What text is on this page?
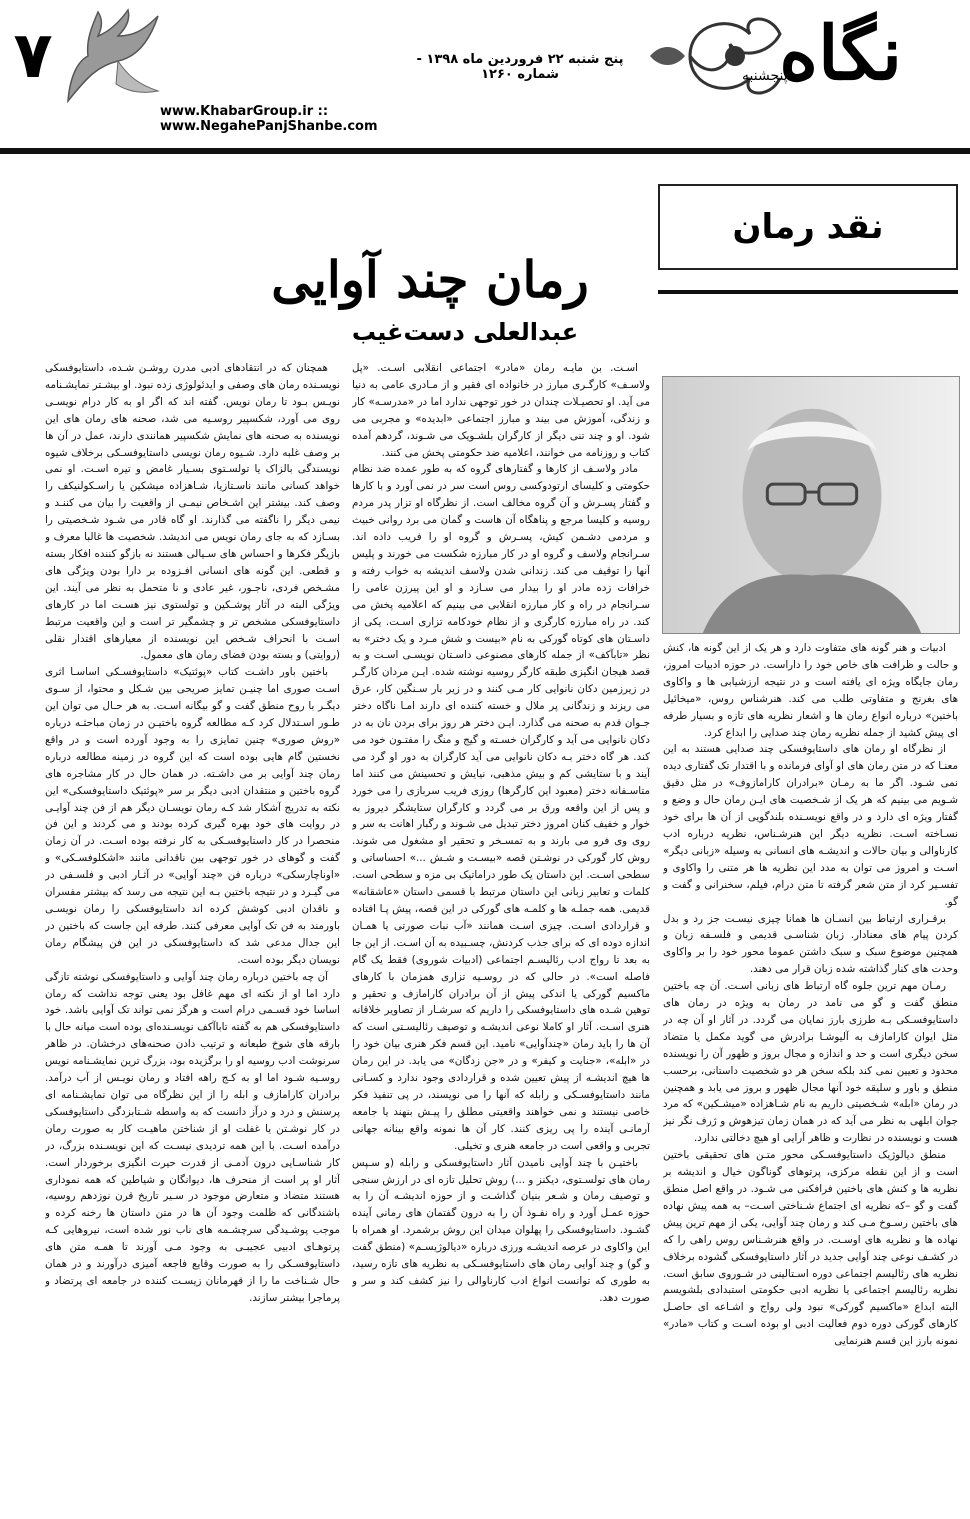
۷	پنج شنبه ۲۲ فروردین ماه ۱۳۹۸ - شماره ۱۲۶۰	نگاه
پنجشنبه
www.KhabarGroup.ir :: www.NegahePanjShanbe.com
نقد رمان
رمان چند آوایی
عبدالعلی دست‌غیب

ادبیات و هنر گونه های متفاوت دارد و هر یک از این گونه ها، کنش و حالت و ظرافت های خاص خود را داراست. در حوزه ادبیات امروز، رمان جایگاه ویژه ای یافته است و در نتیجه ارزشیابی ها و واکاوی های بغرنج و متفاوتی طلب می کند. هنرشناس روس، «میخائیل باختین» درباره انواع رمان ها و اشعار نظریه های تازه و بسیار طرفه ای پیش کشید از جمله نظریه رمان چند صدایی را ابداع کرد.

از نظرگاه او رمان های داستایوفسکی چند صدایی هستند به این معنـا که در متن رمان های او آوای فرمانده و با اقتدار تک گفتاری دیده نمی شـود. اگر ما به رمـان «برادران کارامازوف» در مثل دقیق شـویم می بینیم که هر یک از شـخصیت های ایـن رمان حال و وضع و گفتار ویژه ای دارد و در واقع نویسـنده بلندگویی از آن ها برای خود نسـاخته اسـت. نظریه دیگر این هنرشـناس، نظریه درباره ادب کارناوالی و بیان حالات و اندیشـه های انسانی به وسیله «زبانی دیگر» اسـت و امروز می توان به مدد این نظریه ها هر متنی را واکاوی و تفسـیر کرد از متن شعر گرفته تا متن درام، فیلم، سخنرانی و گفت و گو.

برقـراری ارتباط بین انسـان ها همانا چیزی نیسـت جز رد و بدل کردن پیام های معنادار. زبان شناسـی قدیمی و فلسـفه زبان و همچنین موضوع سبک و سبک داشتن عموما محور خود را بر واکاوی وحدت های کنار گذاشته شده زبان قرار می دهند.

رمـان مهم ترین جلوه گاه ارتباط های زبانی اسـت. آن چه باختین منطق گفت و گو می نامد در رمان به ویژه در رمان های داستایوفسـکی بـه طرزی بارز نمایان می گردد. در آثار او آن چه در مثل ایوان کارامازف به آلیوشـا برادرش می گوید مکمل یا متضاد سخن دیگری است و حد و اندازه و مجال بروز و ظهور آن را نویسنده محدود و تعیین نمی کند بلکه سخن هر دو شخصیت داستانی، برحسب منطق و باور و سلیقه خود آنها مجال ظهور و بروز می یابد و همچنین در رمان «ابله» شـخصیتی داریم به نام شـاهزاده «میشـکین» که مرد جوان ابلهی به نظر می آید که در همان زمان تیزهوش و ژرف نگر نیز هست و نویسنده در نظارت و ظاهر آرایی او هیچ دخالتی ندارد.

منطق دیالوژیک داستایوفسـکی محور متـن های تحقیقی باختین است و از این نقطه مرکزی، پرتوهای گوناگون خیال و اندیشه بر نظریه ها و کنش های باختین فرافکنی می شـود. در واقع اصل منطق گفت و گو –که نظریه ای اجتماع شـناختی اسـت– به همه پیش نهاده های باختین رسـوخ مـی کند و رمان چند آوایی، یکی از مهم ترین پیش نهاده ها و نظریه های اوسـت. در واقع هنرشـناس روس راهی را که در کشـف نوعی چند آوایی جدید در آثار داستایوفسکی گشوده برخلاف نظریه های رئالیسم اجتماعی دوره اسـتالینی در شـوروی سابق است. نظریه رئالیسم اجتماعی یا نظریه ادبی حکومتی استبدادی بلشویسم البته ابداع «ماکسیم گورکی» نبود ولی رواج و اشـاعه ای حاصـل کارهای گورکی دوره دوم فعالیت ادبی او بوده اسـت و کتاب «مادر» نمونه بارز این قسم هنرنمایی

اسـت. بن مایـه رمان «مادر» اجتماعی انقلابی اسـت. «پل ولاسـف» کارگـری مبارز در خانواده ای فقیر و از مـادری عامی به دنیا می آید. او تحصیـلات چندان در خور توجهی ندارد اما در «مدرسـه» کار و زندگی، آموزش می بیند و مبارز اجتماعی «ابدیده» و مجربی می شود. او و چند تنی دیگر از کارگران بلشـویک می شـوند، گردهم آمده کتاب و روزنامه می خوانند، اعلامیه ضد حکومتی پخش می کنند.

مادر ولاسـف از کارها و گفتارهای گروه که به طور عمده ضد نظام حکومتی و کلیسای ارتودوکسی روس است سر در نمی آورد و با کارها و گفتار پسـرش و آن گروه مخالف است. از نظرگاه او تزار پدر مردم روسیه و کلیسا مرجع و پناهگاه آن هاست و گمان می برد روانی خبیث و مردمی دشـمن کیش، پسـرش و گروه او را فریب داده اند. سـرانجام ولاسف و گروه او در کار مبارزه شکست می خورند و پلیس آنها را توقیف می کند. زندانی شدن ولاسف اندیشه به خواب رفته و خرافات زده مادر او را بیدار می سـازد و او این پیرزن عامی را سـرانجام در راه و کار مبارزه انقلابی می بینیم که اعلامیه پخش می کند. در راه مبارزه کارگری و از نظام خودکامه تزاری اسـت. یکی از داسـتان های کوتاه گورکی به نام «بیست و شش مـرد و یک دختر» به نظر «تابآکف» از جمله کارهای مصنوعی داسـتان نویسـی اسـت و به قصد هیجان انگیزی طبقه کارگر روسیه نوشته شده. ایـن مردان کارگـر در زیرزمین دکان نانوایی کار مـی کنند و در زیر بار سـنگین کار، عرق می ریزند و زندگانی پر ملال و خسته کننده ای دارند امـا ناگاه دختر جـوان قدم به صحنه می گذارد. ایـن دختر هر روز برای بردن نان به در دکان نانوایی می آید و کارگران خسـته و گیج و منگ را مفتـون خود می کند. هر گاه دختر بـه دکان نانوایی می آید کارگران به دور او گرد می آیند و با ستایشی کم و بیش مذهبی، نیایش و تحسینش می کنند اما متاسـفانه دختر (معبود این کارگرها) روزی فریب سربازی را می خورد و پس از این واقعه ورق بر می گردد و کارگران ستایشگر دیروز به خوار و خفیف کنان امروز دختر تبدیل می شـوند و رگبار اهانت به سر و روی وی فرو می بارند و به تمسـخر و تحقیر او مشغول می شوند. روش کار گورکی در نوشـتن قصه «بیسـت و شـش ...» احساساتی و سطحی اسـت. این داستان یک طور دراماتیک بی مزه و سطحی است. کلمات و تعابیر زبانی این داستان مرتبط با قسمی داستان «عاشقانه» قدیمی. همه جملـه ها و کلمـه های گورکی در این قصه، پیش پـا افتاده و قراردادی اسـت. چیزی اسـت همانند «آب نبات صورتی یا همـان اندازه دوده ای که برای جذب کردنش، چسـبیده به آن اسـت. از این جا به بعد تا رواج ادب رئالیسـم اجتماعی (ادبیات شوروی) فقط یک گام فاصله است». در حالی که در روسـیه تزاری همزمان با کارهای ماکسیم گورکی یا اندکی پیش از آن برادران کارامازف و تحقیر و توهین شـده های داستایوفسکی را داریم که سرشـار از تصاویر خلاقانه هنری اسـت. آثار او کاملا نوعی اندیشـه و توصیف رئالیسـتی است که آن ها را باید رمان «چندآوایی» نامید. این قسم فکر هنری بیان خود را در «ابله»، «جنایت و کیفر» و در «جن زدگان» می یابد. در این رمان ها هیچ اندیشـه از پیش تعیین شده و قراردادی وجود ندارد و کسـانی مانند داستایوفسـکی و رابله که آنها را می نویسند، در پی تنفیذ فکر خاصی نیستند و نمی خواهند واقعیتی مطلق را پیـش بنهند یا جامعه آرمانـی آینده را پی ریزی کنند. کار آن ها نمونه واقع بینانه جهانی تجربی و واقعی است در جامعه هنری و تخیلی.

باختیـن با چند آوایی نامیدن آثار داستایوفسکی و رابله (و سـپس رمان های تولسـتوی، دیکنز و ...) روش تحلیل تازه ای در ارزش سنجی و توصیف رمان و شـعر بنیان گذاشـت و از حوزه اندیشـه آن را به حوزه عمـل آورد و راه نفـوذ آن را به درون گفتمان های رمانی آینده گشـود. داستایوفسکی را پهلوان میدان این روش برشمرد. او همراه با این واکاوی در عرصه اندیشـه ورزی درباره «دیالوژیسـم» (منطق گفت و گو) و چند آوایی رمان های داستایوفسـکی به نظریه های تازه رسید، به طوری که توانست انواع ادب کارناوالی را نیز کشف کند و سر و صورت دهد.

همچنان که در انتقادهای ادبی مدرن روشـن شـده، داستایوفسکی نویسـنده رمان های وصفی و ایدئولوژی زده نبود. او بیشـتر نمایشـنامه نویـس بـود تا رمان نویس. گفته اند که اگر او به کار درام نویسـی روی می آورد، شکسپیر روسـیه می شد، صحنه های رمان های این نویسنده به صحنه های نمایش شکسپیر همانندی دارند، عمل در آن ها بر وصف غلبه دارد. شـیوه رمان نویسی داستایوفسـکی برخلاف شیوه نویسندگی بالزاک یا تولسـتوی بسـیار غامض و تیره اسـت. او نمی خواهد کسانی مانند ناسـتازیا، شـاهزاده میشکین یا راسـکولنیکف را وصف کند. بیشتر این اشـخاص نیمـی از واقعیت را بیان می کننـد و نیمی دیگر را ناگفته می گذارند. او گاه قادر می شـود شـخصیتی را بسـازد که به جای رمان نویس می اندیشد. شخصیت ها غالبا معرف و بازیگر فکرها و احساس های سـیالی هستند نه بازگو کننده افکار بسته و قطعی. این گونه های انسانی افـزوده بر دارا بودن ویژگی های مشـخص فردی، ناجـور، غیر عادی و نا متحمل به نظر می آیند. این ویژگی البته در آثار پوشـکین و تولستوی نیز هسـت اما در کارهای داستایوفسکی مشخص تر و چشمگیر تر است و این واقعیت مرتبط اسـت با انحراف شـخص این نویسنده از معیارهای اقتدار نقلی (روایتی) و بسته بودن فضای رمان های معمول.

باختین باور داشـت کتاب «پوئتیک» داستایوفسـکی اساسـا اثری اسـت صوری اما چنیـن تمایز صریحی بین شـکل و محتوا، از سـوی دیگـر با روح منطق گفت و گو بیگانه اسـت. به هر حـال می توان این طـور اسـتدلال کرد کـه مطالعه گروه باختیـن در زمان مباحثـه درباره «روش صوری» چنین تمایزی را به وجود آورده است و در واقع نخستین گام هایی بوده است که این گروه در زمینه مطالعه درباره رمان چند آوایی بر می داشـته. در همان حال در کار مشاجره های گروه باختین و منتقدان ادبی دیگر بر سر «پوئتیک داستایوفسکی» این نکته به تدریج آشکار شد کـه رمان نویسـان دیگر هم از فن چند آوایـی در روایت های خود بهره گیری کرده بودند و می کردند و این فن منحصرا در کار داستایوفسـکی به کار نرفته بوده اسـت. در آن زمان گفت و گوهای در خور توجهی بین ناقدانی مانند «اشکلوفسـکی» و «اوناچارسکی» درباره فن «چند آوایی» در آثـار ادبی و فلسـفی در می گیـرد و در نتیجه باختین بـه این نتیجه می رسد که بیشتر مفسران و ناقدان ادبی کوشش کرده اند داستایوفسکی را رمان نویسـی باورمند به فن تک آوایی معرفی کنند. طرفه این جاست که باختین در این جدال مدعی شد که داستایوفسکی در این فن پیشگام رمان نویسان دیگر بوده است.

آن چه باختین درباره رمان چند آوایی و داستایوفسکی نوشته تازگی دارد اما او از نکته ای مهم غافل بود یعنی توجه نداشت که رمان اساسا خود قسـمی درام است و هرگز نمی تواند تک آوایی باشد. خود داستایوفسکی هم به گفته تاباآکف نویسـنده‌ای بوده است میانه حال با بارقه های شوخ طبعانه و ترتیب دادن صحنه‌های درخشان. در ظاهر سرنوشت ادب روسیه او را برگزیده بود، بزرگ ترین نمایشـنامه نویس روسـیه شـود اما او به کـج راهه افتاد و رمان نویـس از آب درآمد. برادران کارامازف و ابله را از این نظرگاه می توان نمایشـنامه ای پرسنش و درد و درآز دانست که به واسطه شـتابزدگی داستایوفسکی در کار نوشـتن یا غفلت او از شناختن ماهیـت کار به صورت رمان درآمده اسـت. با این همه تردیدی نیسـت که این نویسـنده بزرگ، در کار شناسـایی درون آدمـی از قدرت حیرت انگیزی برخوردار است. آثار او پر است از منحرف ها، دیوانگان و شیاطین که همه نمودار‌ی هستند متضاد و متعارض موجود در سـیر تاریخ قرن نوزدهم روسیه، باشندگانی که ظلمت وجود آن ها در متن داستان ها رخنه کرده و موجب پوشـیدگی سرچشـمه های ناب نور شده است، نیروهایی کـه پرتوهـای ادبیی عجیبـی به وجود مـی آورند تا همـه متن های داستایوفسـکی را به صورت وقایع فاجعه آمیزی درآورند و در همان حال شـناخت ما را از قهرمانان زیسـت کننده در جامعه ای پرتضاد و پرماجرا بیشتر سازند.
